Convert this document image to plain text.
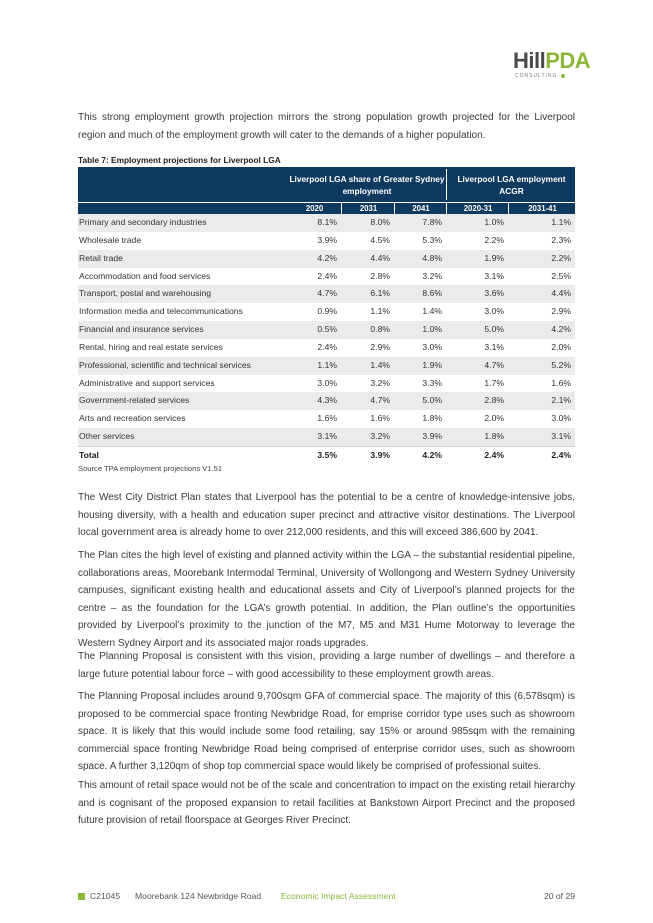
HillPDA
CONSULTING

This strong employment growth projection mirrors the strong population growth projected for the Liverpool region and much of the employment growth will cater to the demands of a higher population.

Table 7: Employment projections for Liverpool LGA
Liverpool LGA share of Greater Sydney employment
Liverpool LGA employment ACGR
2020	2031	2041	2020-31	2031-41
Primary and secondary industries	8.1%	8.0%	7.8%	1.0%	1.1%
Wholesale trade	3.9%	4.5%	5.3%	2.2%	2.3%
Retail trade	4.2%	4.4%	4.8%	1.9%	2.2%
Accommodation and food services	2.4%	2.8%	3.2%	3.1%	2.5%
Transport, postal and warehousing	4.7%	6.1%	8.6%	3.6%	4.4%
Information media and telecommunications	0.9%	1.1%	1.4%	3.0%	2.9%
Financial and insurance services	0.5%	0.8%	1.0%	5.0%	4.2%
Rental, hiring and real estate services	2.4%	2.9%	3.0%	3.1%	2.0%
Professional, scientific and technical services	1.1%	1.4%	1.9%	4.7%	5.2%
Administrative and support services	3.0%	3.2%	3.3%	1.7%	1.6%
Government-related services	4.3%	4.7%	5.0%	2.8%	2.1%
Arts and recreation services	1.6%	1.6%	1.8%	2.0%	3.0%
Other services	3.1%	3.2%	3.9%	1.8%	3.1%
Total	3.5%	3.9%	4.2%	2.4%	2.4%
Source TPA employment projections V1.51

The West City District Plan states that Liverpool has the potential to be a centre of knowledge-intensive jobs, housing diversity, with a health and education super precinct and attractive visitor destinations. The Liverpool local government area is already home to over 212,000 residents, and this will exceed 386,600 by 2041.

The Plan cites the high level of existing and planned activity within the LGA – the substantial residential pipeline, collaborations areas, Moorebank Intermodal Terminal, University of Wollongong and Western Sydney University campuses, significant existing health and educational assets and City of Liverpool’s planned projects for the centre – as the foundation for the LGA’s growth potential. In addition, the Plan outline’s the opportunities provided by Liverpool’s proximity to the junction of the M7, M5 and M31 Hume Motorway to leverage the Western Sydney Airport and its associated major roads upgrades.

The Planning Proposal is consistent with this vision, providing a large number of dwellings – and therefore a large future potential labour force – with good accessibility to these employment growth areas.

The Planning Proposal includes around 9,700sqm GFA of commercial space. The majority of this (6,578sqm) is proposed to be commercial space fronting Newbridge Road, for emprise corridor type uses such as showroom space. It is likely that this would include some food retailing, say 15% or around 985sqm with the remaining commercial space fronting Newbridge Road being comprised of enterprise corridor uses, such as showroom space. A further 3,120qm of shop top commercial space would likely be comprised of professional suites.

This amount of retail space would not be of the scale and concentration to impact on the existing retail hierarchy and is cognisant of the proposed expansion to retail facilities at Bankstown Airport Precinct and the proposed future provision of retail floorspace at Georges River Precinct.

C21045 Moorebank 124 Newbridge Road Economic Impact Assessment	20 of 29
